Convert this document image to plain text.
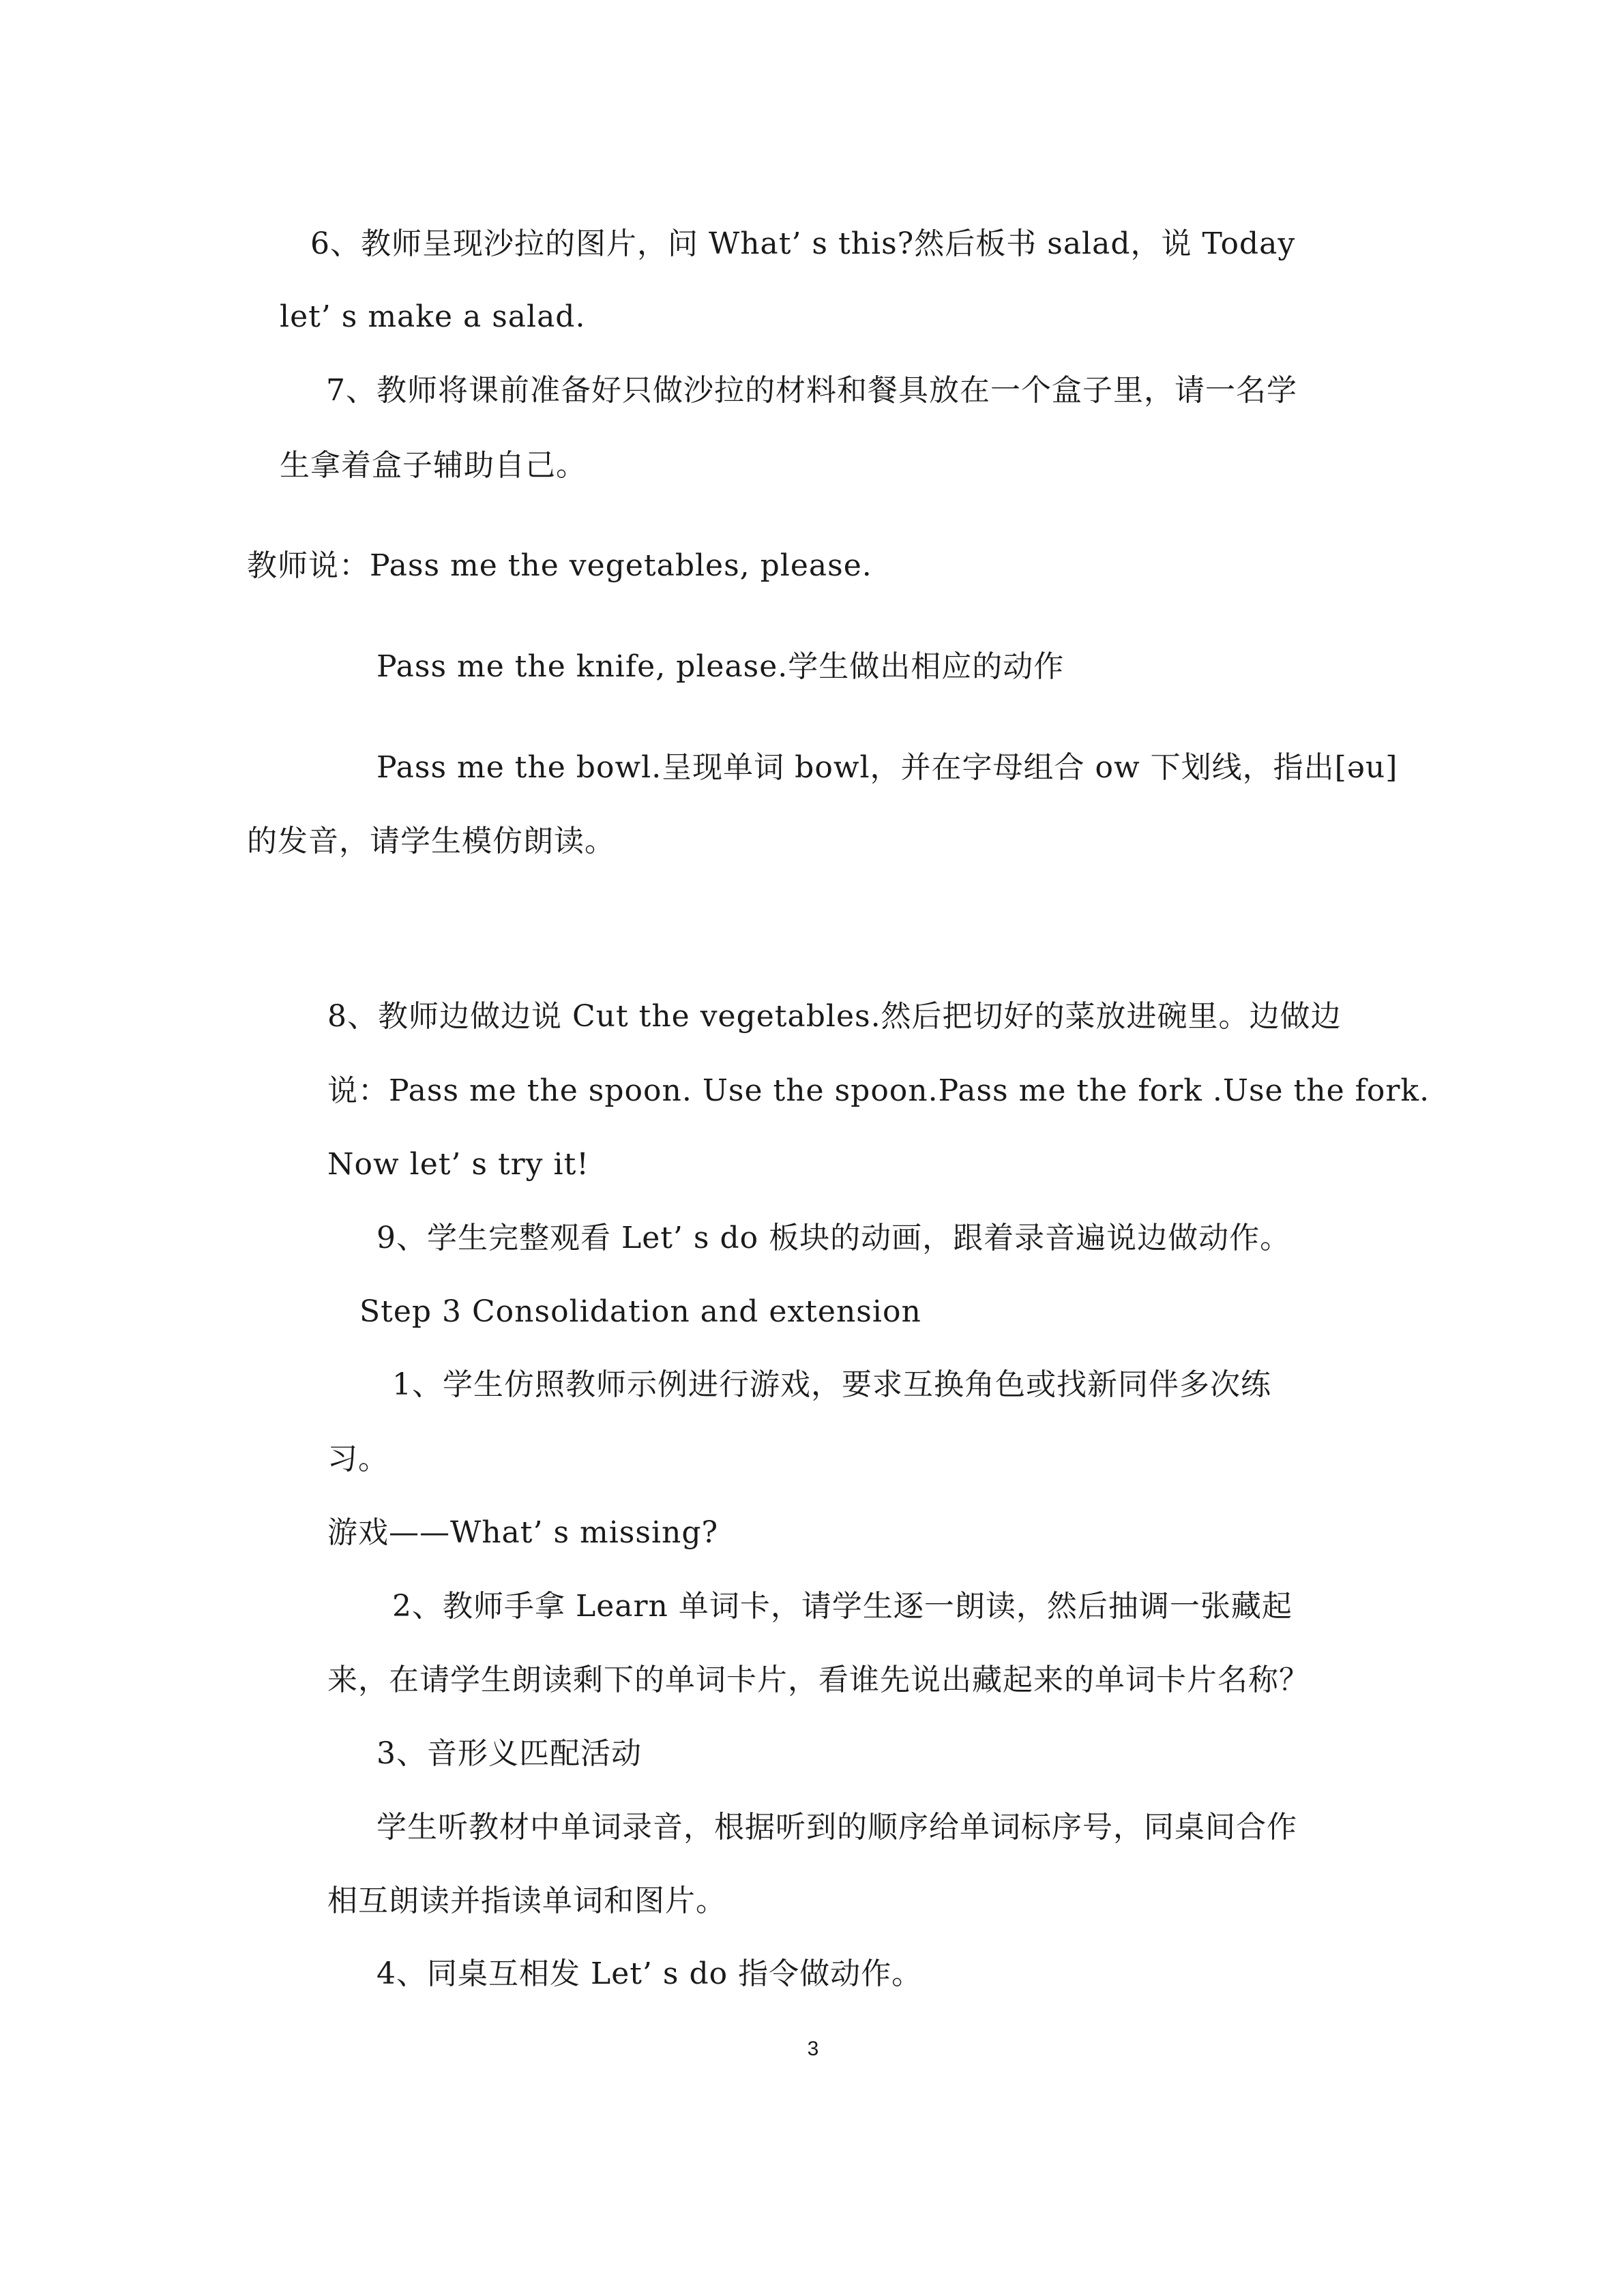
6、教师呈现沙拉的图片，问 What’ s this?然后板书 salad，说 Today
let’ s make a salad.
7、教师将课前准备好只做沙拉的材料和餐具放在一个盒子里，请一名学
生拿着盒子辅助自己。
教师说：Pass me the vegetables, please.
Pass me the knife, please.学生做出相应的动作
Pass me the bowl.呈现单词 bowl，并在字母组合 ow 下划线，指出[əu]
的发音，请学生模仿朗读。
8、教师边做边说 Cut the vegetables.然后把切好的菜放进碗里。边做边
说：Pass me the spoon. Use the spoon.Pass me the fork .Use the fork.
Now let’ s try it!
9、学生完整观看 Let’ s do 板块的动画，跟着录音遍说边做动作。
Step 3 Consolidation and extension
1、学生仿照教师示例进行游戏，要求互换角色或找新同伴多次练
习。
游戏——What’ s missing?
2、教师手拿 Learn 单词卡，请学生逐一朗读，然后抽调一张藏起
来，在请学生朗读剩下的单词卡片，看谁先说出藏起来的单词卡片名称？
3、音形义匹配活动
学生听教材中单词录音，根据听到的顺序给单词标序号，同桌间合作
相互朗读并指读单词和图片。
4、同桌互相发 Let’ s do 指令做动作。
3
